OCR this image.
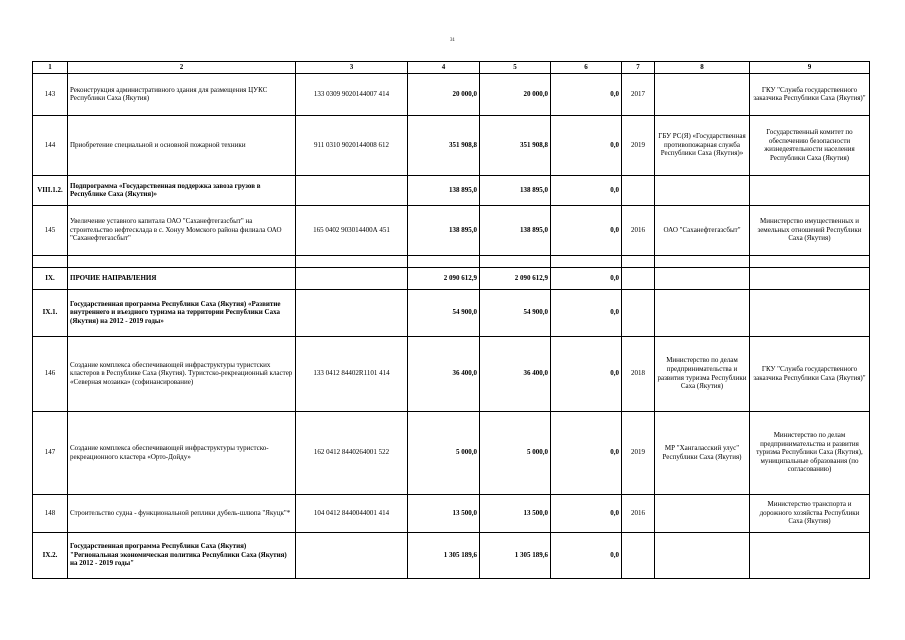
31
1	2	3	4	5	6	7	8	9
143	Реконструкция административного здания для размещения ЦУКС Республики Саха (Якутия)	133 0309 9020144007 414	20 000,0	20 000,0	0,0	2017		ГКУ "Служба государственного заказчика Республики Саха (Якутия)"
144	Приобретение специальной и основной пожарной техники	911 0310 9020144008 612	351 908,8	351 908,8	0,0	2019	ГБУ РС(Я) «Государственная противопожарная служба Республики Саха (Якутия)»	Государственный комитет по обеспечению безопасности жизнедеятельности населения Республики Саха (Якутия)
VIII.1.2.	Подпрограмма «Государственная поддержка завоза грузов в Республике Саха (Якутия)»		138 895,0	138 895,0	0,0			
145	Увеличение уставного капитала ОАО "Саханефтегазсбыт" на строительство нефтесклада в с. Хонуу Момского района филиала ОАО "Саханефтегазсбыт"	165 0402 903014400А 451	138 895,0	138 895,0	0,0	2016	ОАО "Саханефтегазсбыт"	Министерство имущественных и земельных отношений Республики Саха (Якутия)

IX.	ПРОЧИЕ НАПРАВЛЕНИЯ		2 090 612,9	2 090 612,9	0,0			
IX.1.	Государственная программа Республики Саха (Якутия) «Развитие внутреннего и въездного туризма на территории Республики Саха (Якутия) на 2012 - 2019 годы»		54 900,0	54 900,0	0,0			
146	Создание комплекса обеспечивающей инфраструктуры туристских кластеров в Республике Саха (Якутия). Туристско-рекреационный кластер «Северная мозаика» (софинансирование)	133 0412 84402R1101 414	36 400,0	36 400,0	0,0	2018	Министерство по делам предпринимательства и развития туризма Республики Саха (Якутия)	ГКУ "Служба государственного заказчика Республики Саха (Якутия)"
147	Создание комплекса обеспечивающей инфраструктуры туристско-рекреационного кластера «Орто-Дойду»	162 0412 8440264001 522	5 000,0	5 000,0	0,0	2019	МР "Хангаласский улус" Республики Саха (Якутия)	Министерство по делам предпринимательства и развития туризма Республики Саха (Якутия), муниципальные образования (по согласованию)
148	Строительство судна - функциональной реплики дубель-шлюпа "Якуцк"*	104 0412 8440044001 414	13 500,0	13 500,0	0,0	2016		Министерство транспорта и дорожного хозяйства Республики Саха (Якутия)
IX.2.	Государственная программа Республики Саха (Якутия) "Региональная экономическая политика Республики Саха (Якутия) на 2012 - 2019 годы"		1 305 189,6	1 305 189,6	0,0			
